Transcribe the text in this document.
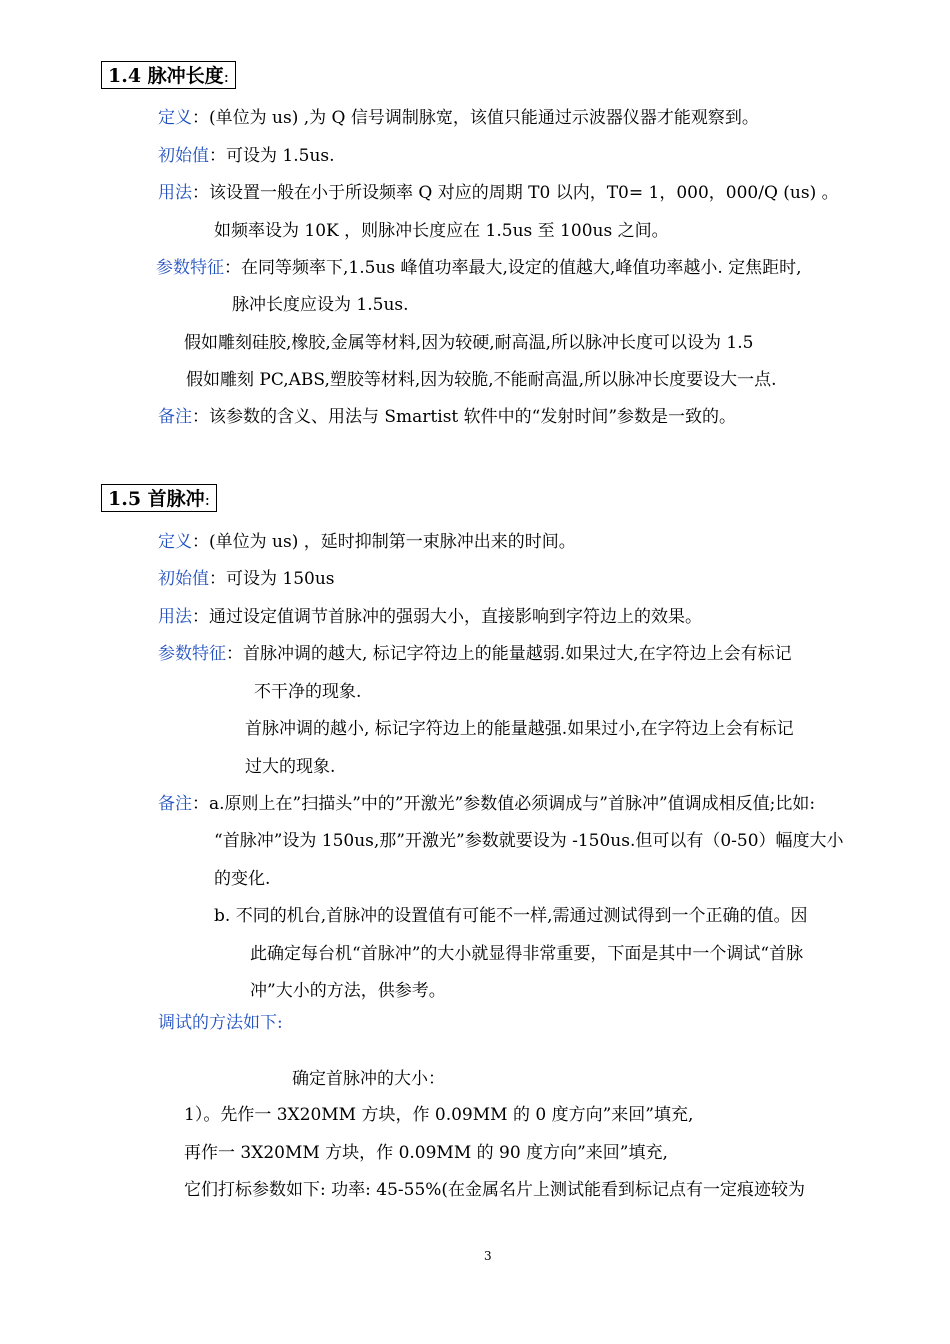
1.4 脉冲长度:
定义：(单位为 us) ,为 Q 信号调制脉宽，该值只能通过示波器仪器才能观察到。
初始值：可设为 1.5us.
用法：该设置一般在小于所设频率 Q 对应的周期 T0 以内，T0= 1，000，000/Q (us) 。
如频率设为 10K ，则脉冲长度应在 1.5us 至 100us 之间。
参数特征：在同等频率下,1.5us 峰值功率最大,设定的值越大,峰值功率越小. 定焦距时,
脉冲长度应设为 1.5us.
假如雕刻硅胶,橡胶,金属等材料,因为较硬,耐高温,所以脉冲长度可以设为 1.5
假如雕刻 PC,ABS,塑胶等材料,因为较脆,不能耐高温,所以脉冲长度要设大一点.
备注：该参数的含义、用法与 Smartist 软件中的“发射时间”参数是一致的。
1.5 首脉冲:
定义：(单位为 us) ，延时抑制第一束脉冲出来的时间。
初始值：可设为 150us
用法：通过设定值调节首脉冲的强弱大小，直接影响到字符边上的效果。
参数特征：首脉冲调的越大, 标记字符边上的能量越弱.如果过大,在字符边上会有标记
不干净的现象.
首脉冲调的越小, 标记字符边上的能量越强.如果过小,在字符边上会有标记
过大的现象.
备注：a.原则上在”扫描头”中的”开激光”参数值必须调成与”首脉冲”值调成相反值;比如:
“首脉冲”设为 150us,那”开激光”参数就要设为 -150us.但可以有（0-50）幅度大小
的变化.
b. 不同的机台,首脉冲的设置值有可能不一样,需通过测试得到一个正确的值。因
此确定每台机“首脉冲”的大小就显得非常重要，下面是其中一个调试“首脉
冲”大小的方法，供参考。
调试的方法如下:
确定首脉冲的大小：
1）。先作一 3X20MM 方块，作 0.09MM 的 0 度方向”来回”填充,
再作一 3X20MM 方块，作 0.09MM 的 90 度方向”来回”填充,
它们打标参数如下: 功率: 45-55%(在金属名片上测试能看到标记点有一定痕迹较为
3
